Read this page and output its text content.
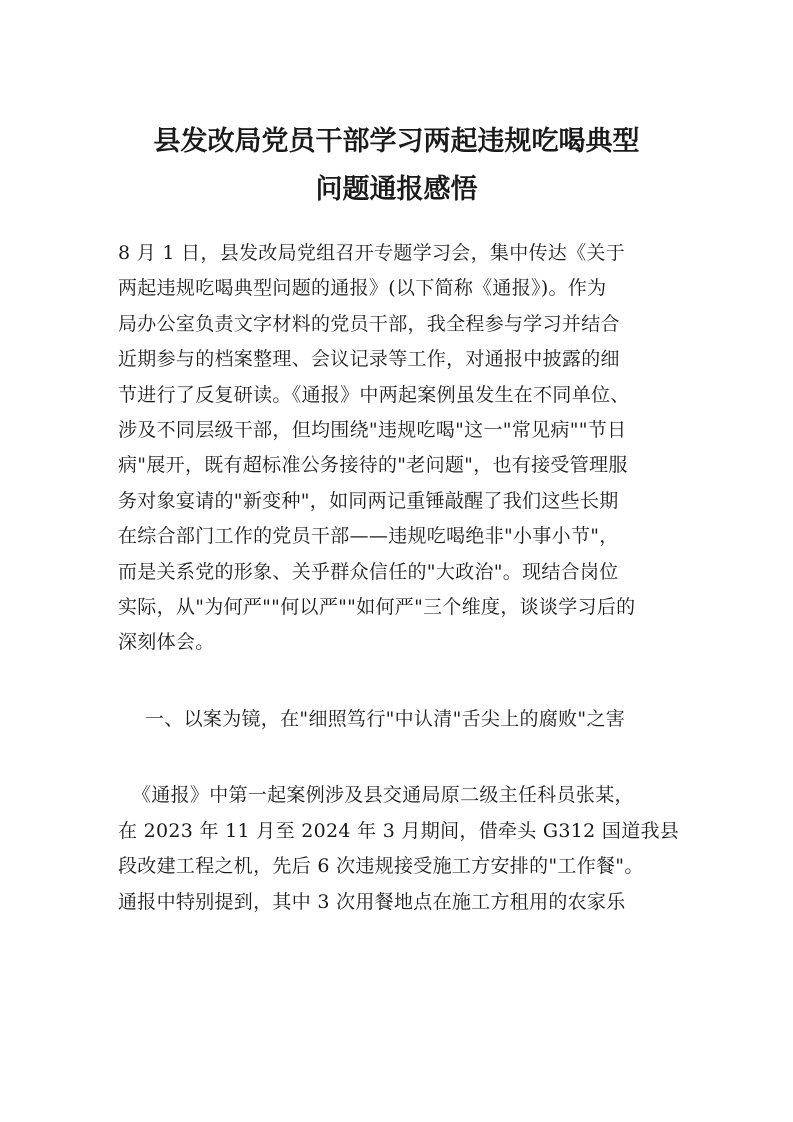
县发改局党员干部学习两起违规吃喝典型
问题通报感悟

8 月 1 日，县发改局党组召开专题学习会，集中传达《关于
两起违规吃喝典型问题的通报》(以下简称《通报》)。作为
局办公室负责文字材料的党员干部，我全程参与学习并结合
近期参与的档案整理、会议记录等工作，对通报中披露的细
节进行了反复研读。《通报》中两起案例虽发生在不同单位、
涉及不同层级干部，但均围绕"违规吃喝"这一"常见病""节日
病"展开，既有超标准公务接待的"老问题"，也有接受管理服
务对象宴请的"新变种"，如同两记重锤敲醒了我们这些长期
在综合部门工作的党员干部——违规吃喝绝非"小事小节"，
而是关系党的形象、关乎群众信任的"大政治"。现结合岗位
实际，从"为何严""何以严""如何严"三个维度，谈谈学习后的
深刻体会。

一、以案为镜，在"细照笃行"中认清"舌尖上的腐败"之害

《通报》中第一起案例涉及县交通局原二级主任科员张某，
在 2023 年 11 月至 2024 年 3 月期间，借牵头 G312 国道我县
段改建工程之机，先后 6 次违规接受施工方安排的"工作餐"。
通报中特别提到，其中 3 次用餐地点在施工方租用的农家乐
